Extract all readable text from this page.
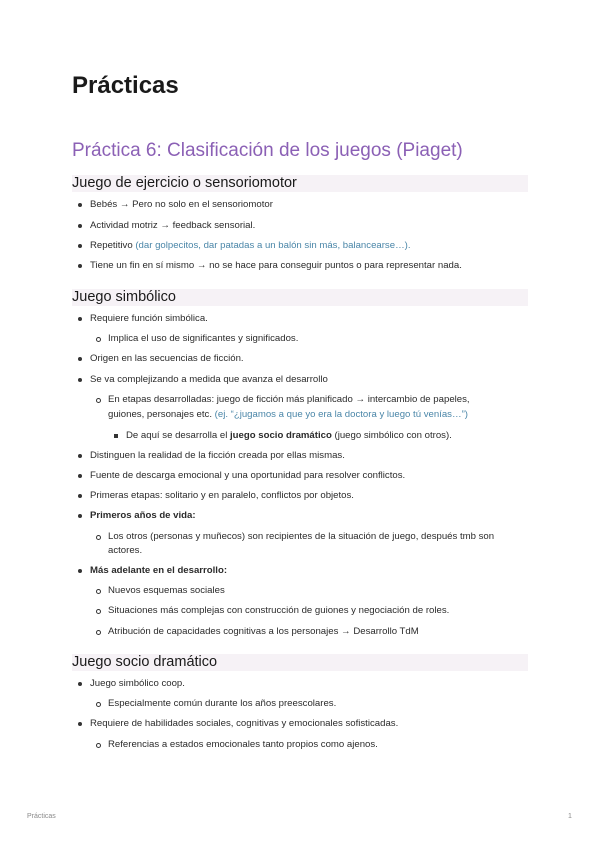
Prácticas
Práctica 6: Clasificación de los juegos (Piaget)
Juego de ejercicio o sensoriomotor
Bebés → Pero no solo en el sensoriomotor
Actividad motriz → feedback sensorial.
Repetitivo (dar golpecitos, dar patadas a un balón sin más, balancearse…).
Tiene un fin en sí mismo → no se hace para conseguir puntos o para representar nada.
Juego simbólico
Requiere función simbólica.
Implica el uso de significantes y significados.
Origen en las secuencias de ficción.
Se va complejizando a medida que avanza el desarrollo
En etapas desarrolladas: juego de ficción más planificado → intercambio de papeles,
guiones, personajes etc. (ej. “¿jugamos a que yo era la doctora y luego tú venías…”)
De aquí se desarrolla el juego socio dramático (juego simbólico con otros).
Distinguen la realidad de la ficción creada por ellas mismas.
Fuente de descarga emocional y una oportunidad para resolver conflictos.
Primeras etapas: solitario y en paralelo, conflictos por objetos.
Primeros años de vida:
Los otros (personas y muñecos) son recipientes de la situación de juego, después tmb son
actores.
Más adelante en el desarrollo:
Nuevos esquemas sociales
Situaciones más complejas con construcción de guiones y negociación de roles.
Atribución de capacidades cognitivas a los personajes → Desarrollo TdM
Juego socio dramático
Juego simbólico coop.
Especialmente común durante los años preescolares.
Requiere de habilidades sociales, cognitivas y emocionales sofisticadas.
Referencias a estados emocionales tanto propios como ajenos.
Prácticas	1
